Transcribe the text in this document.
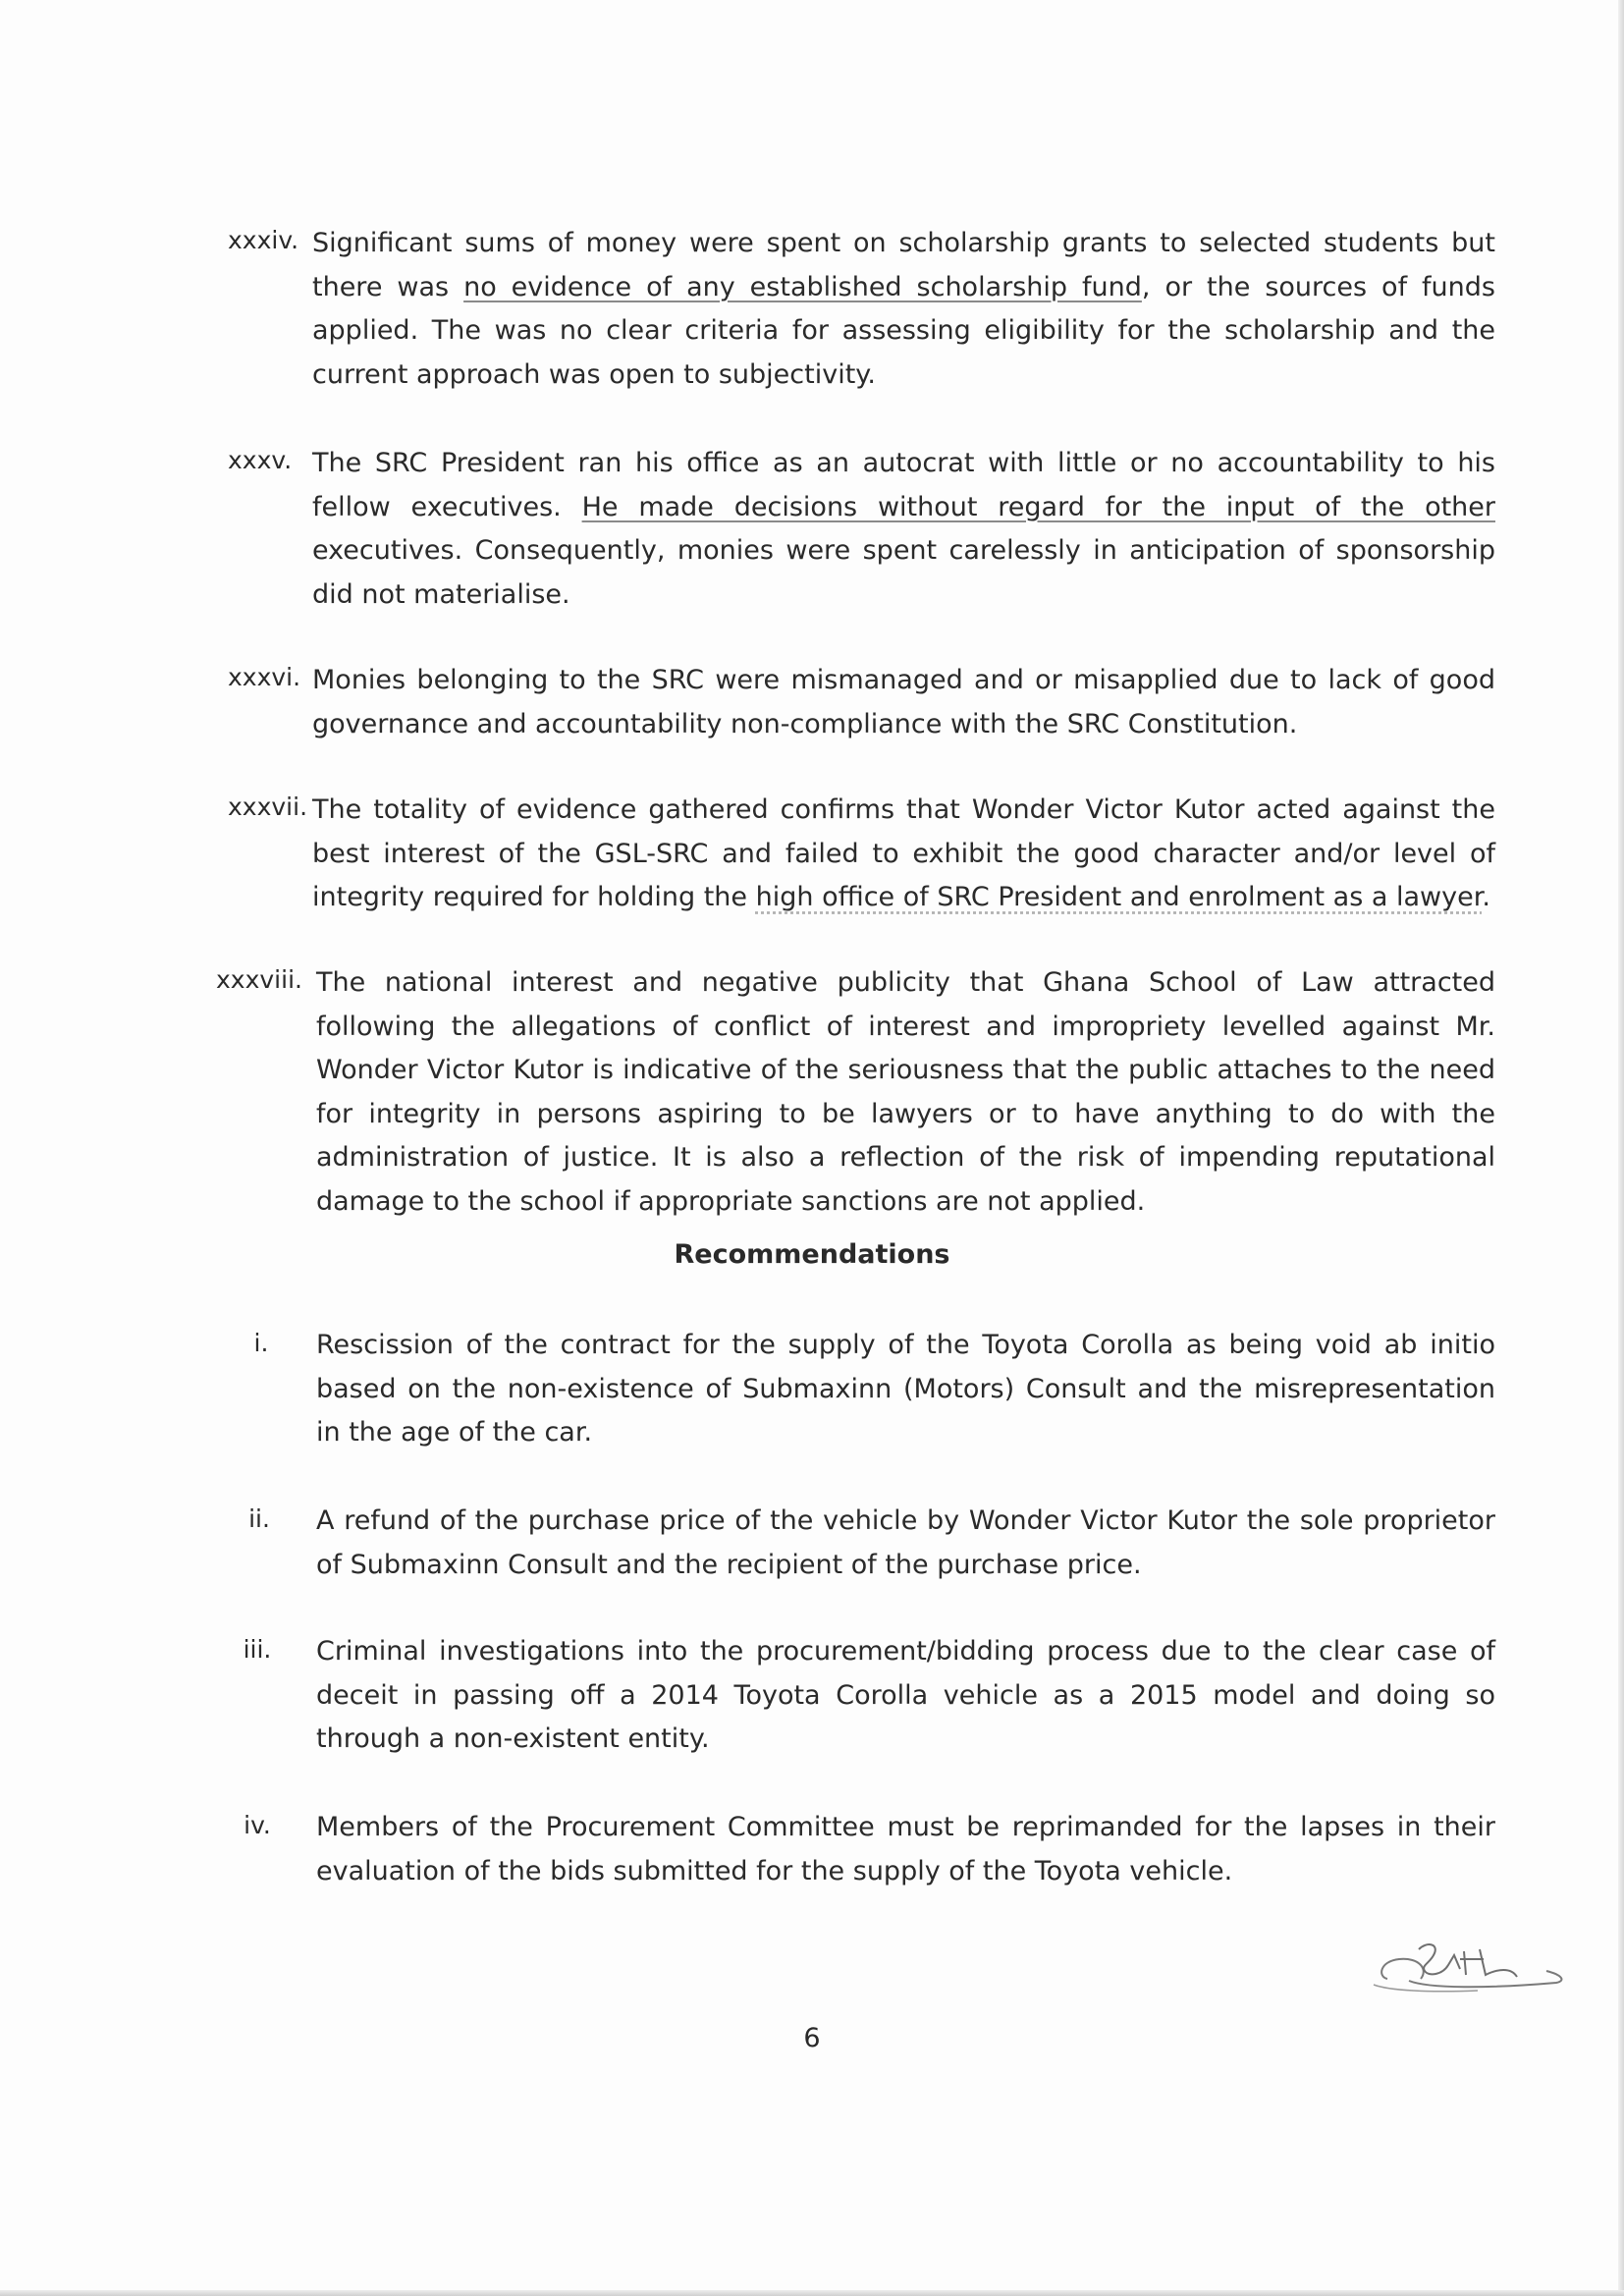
xxxiv. Significant sums of money were spent on scholarship grants to selected students but there was no evidence of any established scholarship fund, or the sources of funds applied. The was no clear criteria for assessing eligibility for the scholarship and the current approach was open to subjectivity.
xxxv. The SRC President ran his office as an autocrat with little or no accountability to his fellow executives. He made decisions without regard for the input of the other executives. Consequently, monies were spent carelessly in anticipation of sponsorship did not materialise.
xxxvi. Monies belonging to the SRC were mismanaged and or misapplied due to lack of good governance and accountability non-compliance with the SRC Constitution.
xxxvii. The totality of evidence gathered confirms that Wonder Victor Kutor acted against the best interest of the GSL-SRC and failed to exhibit the good character and/or level of integrity required for holding the high office of SRC President and enrolment as a lawyer.
xxxviii. The national interest and negative publicity that Ghana School of Law attracted following the allegations of conflict of interest and impropriety levelled against Mr. Wonder Victor Kutor is indicative of the seriousness that the public attaches to the need for integrity in persons aspiring to be lawyers or to have anything to do with the administration of justice. It is also a reflection of the risk of impending reputational damage to the school if appropriate sanctions are not applied.
Recommendations
i.	Rescission of the contract for the supply of the Toyota Corolla as being void ab initio based on the non-existence of Submaxinn (Motors) Consult and the misrepresentation in the age of the car.
ii.	A refund of the purchase price of the vehicle by Wonder Victor Kutor the sole proprietor of Submaxinn Consult and the recipient of the purchase price.
iii. Criminal investigations into the procurement/bidding process due to the clear case of deceit in passing off a 2014 Toyota Corolla vehicle as a 2015 model and doing so through a non-existent entity.
iv. Members of the Procurement Committee must be reprimanded for the lapses in their evaluation of the bids submitted for the supply of the Toyota vehicle.
6
